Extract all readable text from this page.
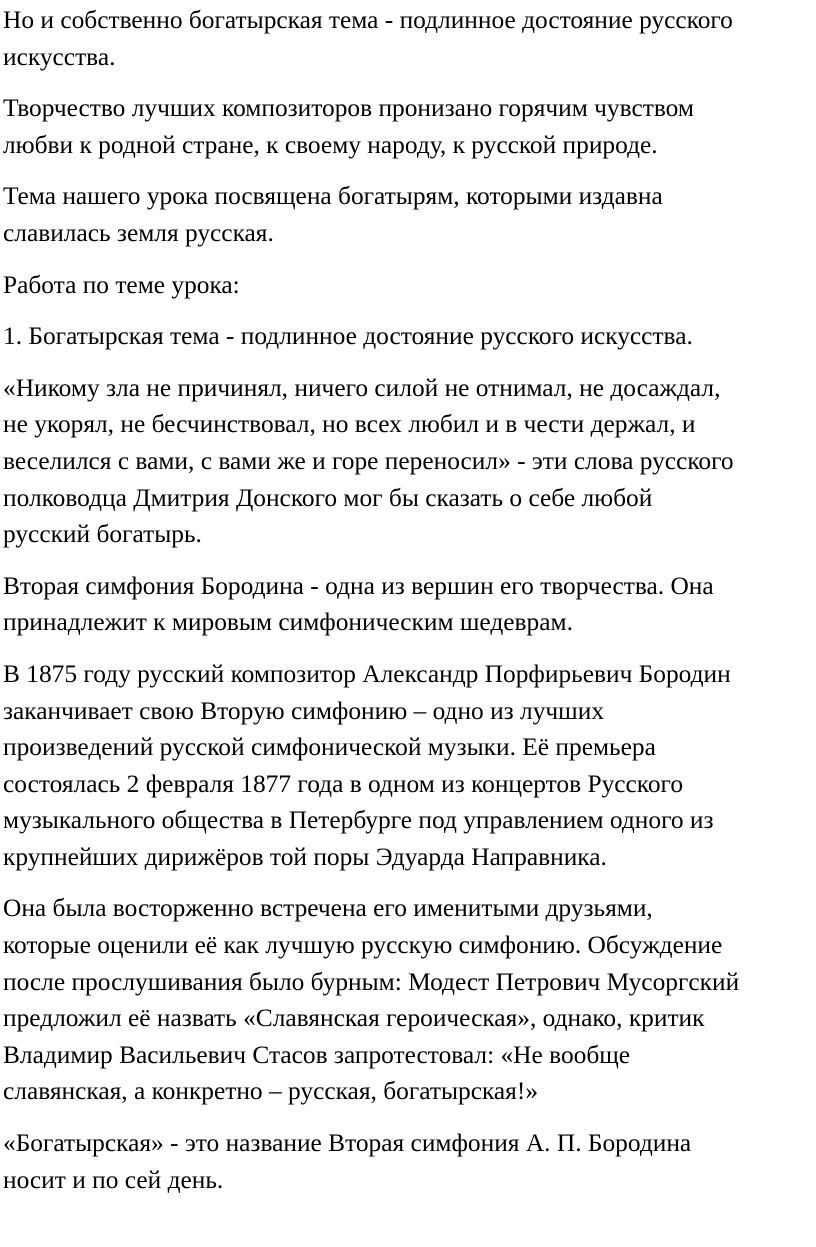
Но и собственно богатырская тема - подлинное достояние русского
искусства.

Творчество лучших композиторов пронизано горячим чувством
любви к родной стране, к своему народу, к русской природе.

Тема нашего урока посвящена богатырям, которыми издавна
славилась земля русская.

Работа по теме урока:

1. Богатырская тема - подлинное достояние русского искусства.

«Никому зла не причинял, ничего силой не отнимал, не досаждал,
не укорял, не бесчинствовал, но всех любил и в чести держал, и
веселился с вами, с вами же и горе переносил» - эти слова русского
полководца Дмитрия Донского мог бы сказать о себе любой
русский богатырь.

Вторая симфония Бородина - одна из вершин его творчества. Она
принадлежит к мировым симфоническим шедеврам.

В 1875 году русский композитор Александр Порфирьевич Бородин
заканчивает свою Вторую симфонию – одно из лучших
произведений русской симфонической музыки. Её премьера
состоялась 2 февраля 1877 года в одном из концертов Русского
музыкального общества в Петербурге под управлением одного из
крупнейших дирижёров той поры Эдуарда Направника.

Она была восторженно встречена его именитыми друзьями,
которые оценили её как лучшую русскую симфонию. Обсуждение
после прослушивания было бурным: Модест Петрович Мусоргский
предложил её назвать «Славянская героическая», однако, критик
Владимир Васильевич Стасов запротестовал: «Не вообще
славянская, а конкретно – русская, богатырская!»

«Богатырская» - это название Вторая симфония А. П. Бородина
носит и по сей день.
